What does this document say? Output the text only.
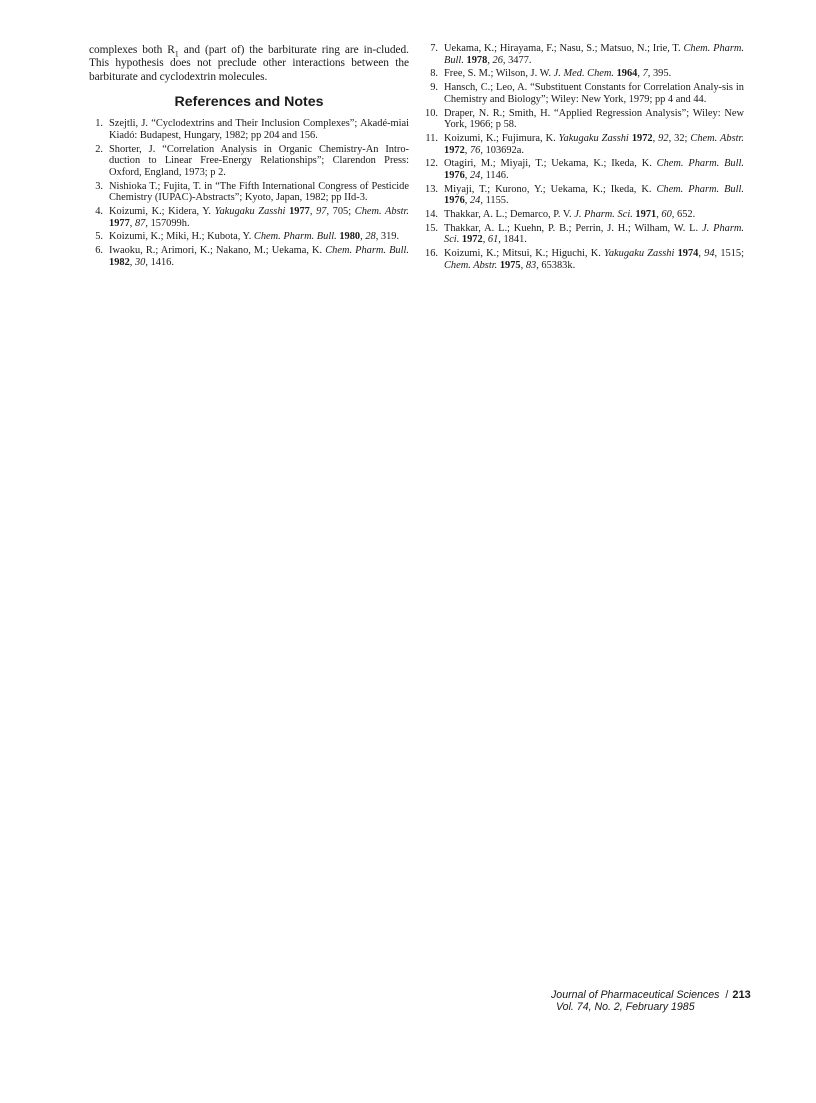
complexes both $R_1$ and (part of) the barbiturate ring are in-cluded. This hypothesis does not preclude other interactions between the barbiturate and cyclodextrin molecules.

References and Notes
1. Szejtli, J. “Cyclodextrins and Their Inclusion Complexes”; Akadé-miai Kiadó: Budapest, Hungary, 1982; pp 204 and 156.
2. Shorter, J. “Correlation Analysis in Organic Chemistry-An Intro-duction to Linear Free-Energy Relationships”; Clarendon Press: Oxford, England, 1973; p 2.
3. Nishioka T.; Fujita, T. in “The Fifth International Congress of Pesticide Chemistry (IUPAC)-Abstracts”; Kyoto, Japan, 1982; pp IId-3.
4. Koizumi, K.; Kidera, Y. Yakugaku Zasshi 1977, 97, 705; Chem. Abstr. 1977, 87, 157099h.
5. Koizumi, K.; Miki, H.; Kubota, Y. Chem. Pharm. Bull. 1980, 28, 319.
6. Iwaoku, R.; Arimori, K.; Nakano, M.; Uekama, K. Chem. Pharm. Bull. 1982, 30, 1416.
7. Uekama, K.; Hirayama, F.; Nasu, S.; Matsuo, N.; Irie, T. Chem. Pharm. Bull. 1978, 26, 3477.
8. Free, S. M.; Wilson, J. W. J. Med. Chem. 1964, 7, 395.
9. Hansch, C.; Leo, A. “Substituent Constants for Correlation Analy-sis in Chemistry and Biology”; Wiley: New York, 1979; pp 4 and 44.
10. Draper, N. R.; Smith, H. “Applied Regression Analysis”; Wiley: New York, 1966; p 58.
11. Koizumi, K.; Fujimura, K. Yakugaku Zasshi 1972, 92, 32; Chem. Abstr. 1972, 76, 103692a.
12. Otagiri, M.; Miyaji, T.; Uekama, K.; Ikeda, K. Chem. Pharm. Bull. 1976, 24, 1146.
13. Miyaji, T.; Kurono, Y.; Uekama, K.; Ikeda, K. Chem. Pharm. Bull. 1976, 24, 1155.
14. Thakkar, A. L.; Demarco, P. V. J. Pharm. Sci. 1971, 60, 652.
15. Thakkar, A. L.; Kuehn, P. B.; Perrin, J. H.; Wilham, W. L. J. Pharm. Sci. 1972, 61, 1841.
16. Koizumi, K.; Mitsui, K.; Higuchi, K. Yakugaku Zasshi 1974, 94, 1515; Chem. Abstr. 1975, 83, 65383k.
Journal of Pharmaceutical Sciences / 213
Vol. 74, No. 2, February 1985
